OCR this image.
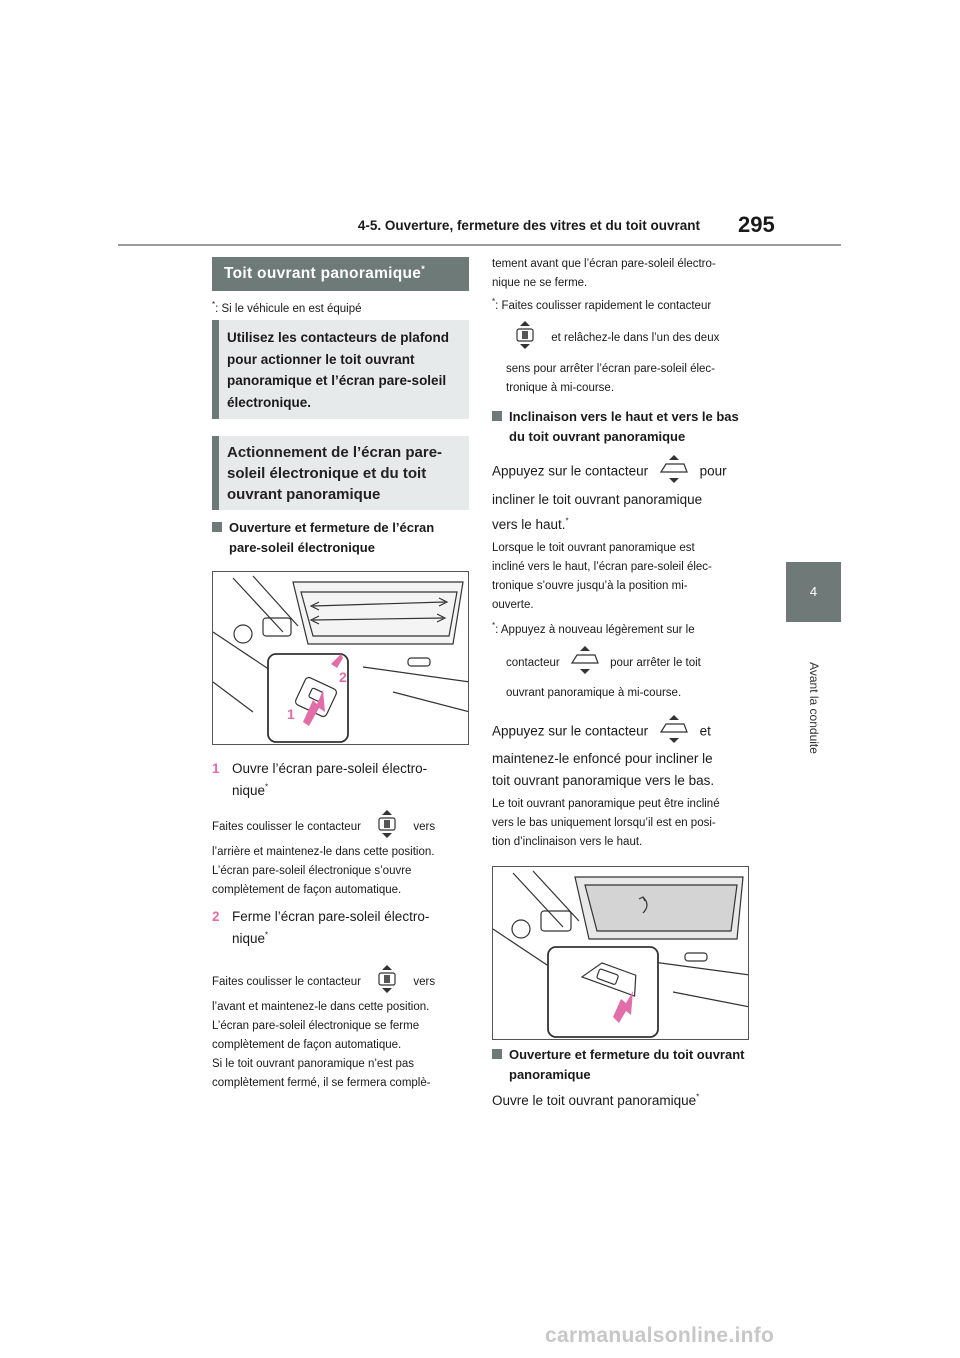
4-5. Ouverture, fermeture des vitres et du toit ouvrant 295
4
Avant la conduite
Toit ouvrant panoramique*
*: Si le véhicule en est équipé
Utilisez les contacteurs de plafond pour actionner le toit ouvrant panoramique et l’écran pare-soleil électronique.
Actionnement de l’écran pare-soleil électronique et du toit ouvrant panoramique
Ouverture et fermeture de l’écran pare-soleil électronique
1
2
1 Ouvre l’écran pare-soleil électro-
nique*
Faites coulisser le contacteur	vers
l’arrière et maintenez-le dans cette position.
L’écran pare-soleil électronique s’ouvre
complètement de façon automatique.
2 Ferme l’écran pare-soleil électro-
nique*
Faites coulisser le contacteur	vers
l’avant et maintenez-le dans cette position.
L’écran pare-soleil électronique se ferme
complètement de façon automatique.
Si le toit ouvrant panoramique n’est pas
complètement fermé, il se fermera complè-
tement avant que l’écran pare-soleil électro-
nique ne se ferme.
*: Faites coulisser rapidement le contacteur
et relâchez-le dans l’un des deux
sens pour arrêter l’écran pare-soleil élec-
tronique à mi-course.
Inclinaison vers le haut et vers le bas du toit ouvrant panoramique
Appuyez sur le contacteur	pour
incliner le toit ouvrant panoramique
vers le haut.*
Lorsque le toit ouvrant panoramique est
incliné vers le haut, l’écran pare-soleil élec-
tronique s’ouvre jusqu’à la position mi-
ouverte.
*: Appuyez à nouveau légèrement sur le
contacteur	pour arrêter le toit
ouvrant panoramique à mi-course.
Appuyez sur le contacteur	et
maintenez-le enfoncé pour incliner le
toit ouvrant panoramique vers le bas.
Le toit ouvrant panoramique peut être incliné
vers le bas uniquement lorsqu’il est en posi-
tion d’inclinaison vers le haut.
Ouverture et fermeture du toit ouvrant panoramique
Ouvre le toit ouvrant panoramique*
carmanualsonline.info
